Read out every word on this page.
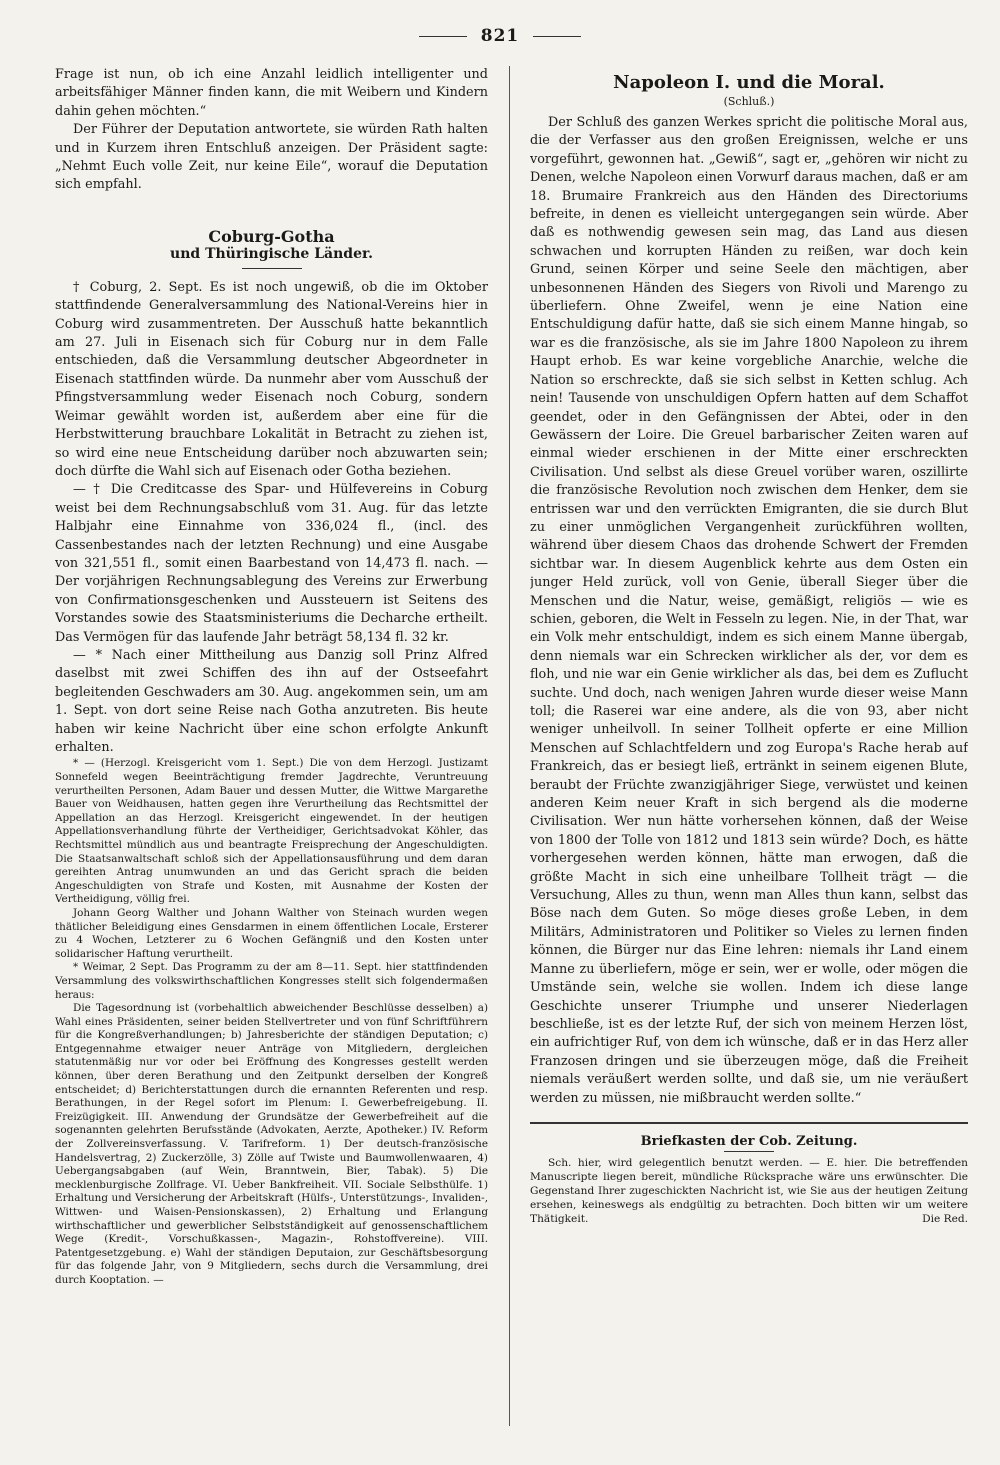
821

Frage ist nun, ob ich eine Anzahl leidlich intelligenter und arbeitsfähiger Männer finden kann, die mit Weibern und Kindern dahin gehen möchten.“

Der Führer der Deputation antwortete, sie würden Rath halten und in Kurzem ihren Entschluß anzeigen. Der Präsident sagte: „Nehmt Euch volle Zeit, nur keine Eile“, worauf die Deputation sich empfahl.

Coburg-Gotha
und Thüringische Länder.

† Coburg, 2. Sept. Es ist noch ungewiß, ob die im Oktober stattfindende Generalversammlung des National-Vereins hier in Coburg wird zusammentreten. Der Ausschuß hatte bekanntlich am 27. Juli in Eisenach sich für Coburg nur in dem Falle entschieden, daß die Versammlung deutscher Abgeordneter in Eisenach stattfinden würde. Da nunmehr aber vom Ausschuß der Pfingstversammlung weder Eisenach noch Coburg, sondern Weimar gewählt worden ist, außerdem aber eine für die Herbstwitterung brauchbare Lokalität in Betracht zu ziehen ist, so wird eine neue Entscheidung darüber noch abzuwarten sein; doch dürfte die Wahl sich auf Eisenach oder Gotha beziehen.

— † Die Creditcasse des Spar- und Hülfevereins in Coburg weist bei dem Rechnungsabschluß vom 31. Aug. für das letzte Halbjahr eine Einnahme von 336,024 fl., (incl. des Cassenbestandes nach der letzten Rechnung) und eine Ausgabe von 321,551 fl., somit einen Baarbestand von 14,473 fl. nach. — Der vorjährigen Rechnungsablegung des Vereins zur Erwerbung von Confirmationsgeschenken und Aussteuern ist Seitens des Vorstandes sowie des Staatsministeriums die Decharche ertheilt. Das Vermögen für das laufende Jahr beträgt 58,134 fl. 32 kr.

— * Nach einer Mittheilung aus Danzig soll Prinz Alfred daselbst mit zwei Schiffen des ihn auf der Ostseefahrt begleitenden Geschwaders am 30. Aug. angekommen sein, um am 1. Sept. von dort seine Reise nach Gotha anzutreten. Bis heute haben wir keine Nachricht über eine schon erfolgte Ankunft erhalten.

* — (Herzogl. Kreisgericht vom 1. Sept.) Die von dem Herzogl. Justizamt Sonnefeld wegen Beeinträchtigung fremder Jagdrechte, Veruntreuung verurtheilten Personen, Adam Bauer und dessen Mutter, die Wittwe Margarethe Bauer von Weidhausen, hatten gegen ihre Verurtheilung das Rechtsmittel der Appellation an das Herzogl. Kreisgericht eingewendet. In der heutigen Appellationsverhandlung führte der Vertheidiger, Gerichtsadvokat Köhler, das Rechtsmittel mündlich aus und beantragte Freisprechung der Angeschuldigten. Die Staatsanwaltschaft schloß sich der Appellationsausführung und dem daran gereihten Antrag unumwunden an und das Gericht sprach die beiden Angeschuldigten von Strafe und Kosten, mit Ausnahme der Kosten der Vertheidigung, völlig frei.

Johann Georg Walther und Johann Walther von Steinach wurden wegen thätlicher Beleidigung eines Gensdarmen in einem öffentlichen Locale, Ersterer zu 4 Wochen, Letzterer zu 6 Wochen Gefängniß und den Kosten unter solidarischer Haftung verurtheilt.

* Weimar, 2 Sept. Das Programm zu der am 8—11. Sept. hier stattfindenden Versammlung des volkswirthschaftlichen Kongresses stellt sich folgendermaßen heraus:

Die Tagesordnung ist (vorbehaltlich abweichender Beschlüsse desselben) a) Wahl eines Präsidenten, seiner beiden Stellvertreter und von fünf Schriftführern für die Kongreßverhandlungen; b) Jahresberichte der ständigen Deputation; c) Entgegennahme etwaiger neuer Anträge von Mitgliedern, dergleichen statutenmäßig nur vor oder bei Eröffnung des Kongresses gestellt werden können, über deren Berathung und den Zeitpunkt derselben der Kongreß entscheidet; d) Berichterstattungen durch die ernannten Referenten und resp. Berathungen, in der Regel sofort im Plenum: I. Gewerbefreigebung. II. Freizügigkeit. III. Anwendung der Grundsätze der Gewerbefreiheit auf die sogenannten gelehrten Berufsstände (Advokaten, Aerzte, Apotheker.) IV. Reform der Zollvereinsverfassung. V. Tarifreform. 1) Der deutsch-französische Handelsvertrag, 2) Zuckerzölle, 3) Zölle auf Twiste und Baumwollenwaaren, 4) Uebergangsabgaben (auf Wein, Branntwein, Bier, Tabak). 5) Die mecklenburgische Zollfrage. VI. Ueber Bankfreiheit. VII. Sociale Selbsthülfe. 1) Erhaltung und Versicherung der Arbeitskraft (Hülfs-, Unterstützungs-, Invaliden-, Wittwen- und Waisen-Pensionskassen), 2) Erhaltung und Erlangung wirthschaftlicher und gewerblicher Selbstständigkeit auf genossenschaftlichem Wege (Kredit-, Vorschußkassen-, Magazin-, Rohstoffvereine). VIII. Patentgesetzgebung. e) Wahl der ständigen Deputaion, zur Geschäftsbesorgung für das folgende Jahr, von 9 Mitgliedern, sechs durch die Versammlung, drei durch Kooptation. —

Napoleon I. und die Moral.
(Schluß.)

Der Schluß des ganzen Werkes spricht die politische Moral aus, die der Verfasser aus den großen Ereignissen, welche er uns vorgeführt, gewonnen hat. „Gewiß“, sagt er, „gehören wir nicht zu Denen, welche Napoleon einen Vorwurf daraus machen, daß er am 18. Brumaire Frankreich aus den Händen des Directoriums befreite, in denen es vielleicht untergegangen sein würde. Aber daß es nothwendig gewesen sein mag, das Land aus diesen schwachen und korrupten Händen zu reißen, war doch kein Grund, seinen Körper und seine Seele den mächtigen, aber unbesonnenen Händen des Siegers von Rivoli und Marengo zu überliefern. Ohne Zweifel, wenn je eine Nation eine Entschuldigung dafür hatte, daß sie sich einem Manne hingab, so war es die französische, als sie im Jahre 1800 Napoleon zu ihrem Haupt erhob. Es war keine vorgebliche Anarchie, welche die Nation so erschreckte, daß sie sich selbst in Ketten schlug. Ach nein! Tausende von unschuldigen Opfern hatten auf dem Schaffot geendet, oder in den Gefängnissen der Abtei, oder in den Gewässern der Loire. Die Greuel barbarischer Zeiten waren auf einmal wieder erschienen in der Mitte einer erschreckten Civilisation. Und selbst als diese Greuel vorüber waren, oszillirte die französische Revolution noch zwischen dem Henker, dem sie entrissen war und den verrückten Emigranten, die sie durch Blut zu einer unmöglichen Vergangenheit zurückführen wollten, während über diesem Chaos das drohende Schwert der Fremden sichtbar war. In diesem Augenblick kehrte aus dem Osten ein junger Held zurück, voll von Genie, überall Sieger über die Menschen und die Natur, weise, gemäßigt, religiös — wie es schien, geboren, die Welt in Fesseln zu legen. Nie, in der That, war ein Volk mehr entschuldigt, indem es sich einem Manne übergab, denn niemals war ein Schrecken wirklicher als der, vor dem es floh, und nie war ein Genie wirklicher als das, bei dem es Zuflucht suchte. Und doch, nach wenigen Jahren wurde dieser weise Mann toll; die Raserei war eine andere, als die von 93, aber nicht weniger unheilvoll. In seiner Tollheit opferte er eine Million Menschen auf Schlachtfeldern und zog Europa's Rache herab auf Frankreich, das er besiegt ließ, ertränkt in seinem eigenen Blute, beraubt der Früchte zwanzigjähriger Siege, verwüstet und keinen anderen Keim neuer Kraft in sich bergend als die moderne Civilisation. Wer nun hätte vorhersehen können, daß der Weise von 1800 der Tolle von 1812 und 1813 sein würde? Doch, es hätte vorhergesehen werden können, hätte man erwogen, daß die größte Macht in sich eine unheilbare Tollheit trägt — die Versuchung, Alles zu thun, wenn man Alles thun kann, selbst das Böse nach dem Guten. So möge dieses große Leben, in dem Militärs, Administratoren und Politiker so Vieles zu lernen finden können, die Bürger nur das Eine lehren: niemals ihr Land einem Manne zu überliefern, möge er sein, wer er wolle, oder mögen die Umstände sein, welche sie wollen. Indem ich diese lange Geschichte unserer Triumphe und unserer Niederlagen beschließe, ist es der letzte Ruf, der sich von meinem Herzen löst, ein aufrichtiger Ruf, von dem ich wünsche, daß er in das Herz aller Franzosen dringen und sie überzeugen möge, daß die Freiheit niemals veräußert werden sollte, und daß sie, um nie veräußert werden zu müssen, nie mißbraucht werden sollte.“

Briefkasten der Cob. Zeitung.

Sch. hier, wird gelegentlich benutzt werden. — E. hier. Die betreffenden Manuscripte liegen bereit, mündliche Rücksprache wäre uns erwünschter. Die Gegenstand Ihrer zugeschickten Nachricht ist, wie Sie aus der heutigen Zeitung ersehen, keineswegs als endgültig zu betrachten. Doch bitten wir um weitere Thätigkeit.	Die Red.
